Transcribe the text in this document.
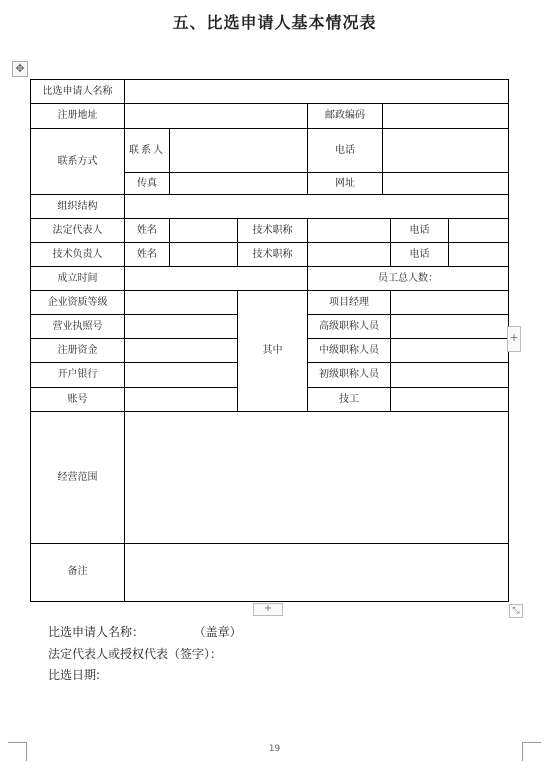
五、比选申请人基本情况表
✥
比选申请人名称							
注册地址				邮政编码			
联系方式	联系人			电话			
	传真			网址			
组织结构							
法定代表人	姓名		技术职称			电话	
技术负责人	姓名		技术职称			电话	
成立时间				员工总人数：			
企业资质等级			其中	项目经理			
营业执照号				高级职称人员			
注册资金				中级职称人员			
开户银行				初级职称人员			
账号				技工			
经营范围							
备注							
+
+	⤡
比选申请人名称：             （盖章）
法定代表人或授权代表（签字）：
比选日期:
19
